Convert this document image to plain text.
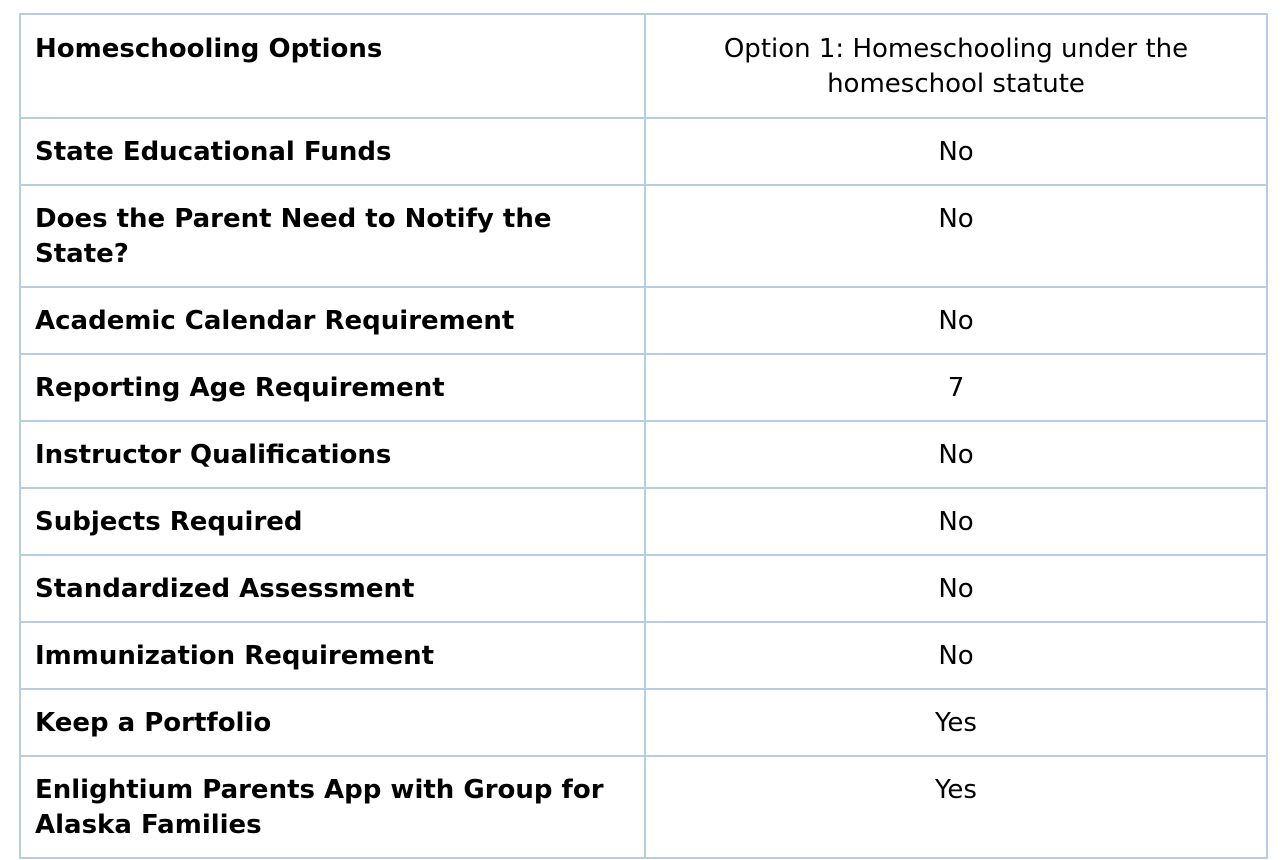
Homeschooling Options	Option 1: Homeschooling under the homeschool statute
State Educational Funds	No
Does the Parent Need to Notify the State?	No
Academic Calendar Requirement	No
Reporting Age Requirement	7
Instructor Qualifications	No
Subjects Required	No
Standardized Assessment	No
Immunization Requirement	No
Keep a Portfolio	Yes
Enlightium Parents App with Group for Alaska Families	Yes
